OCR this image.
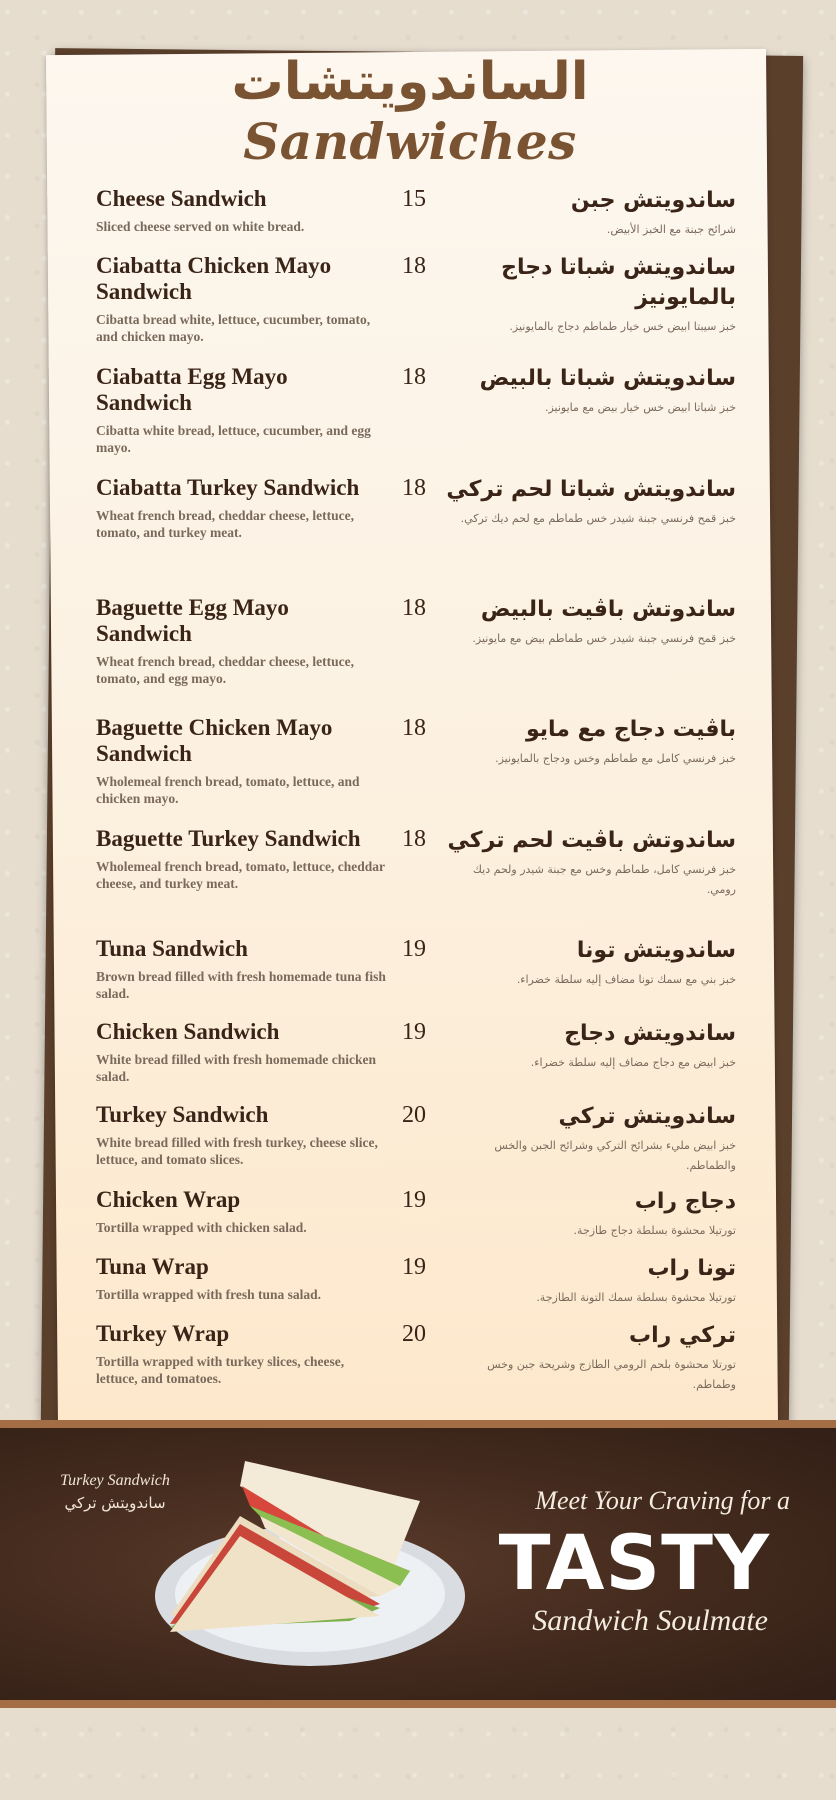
الساندويتشات
Sandwiches
Cheese Sandwich
Sliced cheese served on white bread.
15	ساندويتش جبن
شرائح جبنة مع الخبز الأبيض.
Ciabatta Chicken Mayo Sandwich
Cibatta bread white, lettuce, cucumber, tomato, and chicken mayo.
18	ساندويتش شباتا دجاج بالمايونيز
خبز سيبتا ابيض خس خيار طماطم دجاج بالمايونيز.
Ciabatta Egg Mayo Sandwich
Cibatta white bread, lettuce, cucumber, and egg mayo.
18	ساندويتش شباتا بالبيض
خبز شباتا ابيض خس خيار بيض مع مايونيز.
Ciabatta Turkey Sandwich
Wheat french bread, cheddar cheese, lettuce, tomato, and turkey meat.
18 ساندويتش شباتا لحم تركي
خبز قمح فرنسي جبنة شيدر خس طماطم مع لحم ديك تركي.
Baguette Egg Mayo Sandwich
Wheat french bread, cheddar cheese, lettuce, tomato, and egg mayo.
18	ساندوتش باڤيت بالبيض
خبز قمح فرنسي جبنة شيدر خس طماطم بيض مع مايونيز.
Baguette Chicken Mayo Sandwich
Wholemeal french bread, tomato, lettuce, and chicken mayo.
18	باڤيت دجاج مع مايو
خبز فرنسي كامل مع طماطم وخس ودجاج بالمايونيز.
Baguette Turkey Sandwich
Wholemeal french bread, tomato, lettuce, cheddar cheese, and turkey meat.
18 ساندوتش باڤيت لحم تركي
خبز فرنسي كامل، طماطم وخس مع جبنة شيدر ولحم ديك رومي.
Tuna Sandwich
Brown bread filled with fresh homemade tuna fish salad.
19	ساندويتش تونا
خبز بني مع سمك تونا مضاف إليه سلطة خضراء.
Chicken Sandwich
White bread filled with fresh homemade chicken salad.
19	ساندويتش دجاج
خبز ابيض مع دجاج مضاف إليه سلطة خضراء.
Turkey Sandwich
White bread filled with fresh turkey, cheese slice, lettuce, and tomato slices.
20	ساندويتش تركي
خبز ابيض مليء بشرائح التركي وشرائح الجبن والخس والطماطم.
Chicken Wrap
Tortilla wrapped with chicken salad.
19	دجاج راب
تورتيلا محشوة بسلطة دجاج طازجة.
Tuna Wrap
Tortilla wrapped with fresh tuna salad.
19	تونا راب
تورتيلا محشوة بسلطة سمك التونة الطازجة.
Turkey Wrap
Tortilla wrapped with turkey slices, cheese, lettuce, and tomatoes.
20	تركي راب
تورتلا محشوة بلحم الرومي الطازج وشريحة جبن وخس وطماطم.
Turkey Sandwich
ساندويتش تركي	Meet Your Craving for a
TASTY
Sandwich Soulmate
